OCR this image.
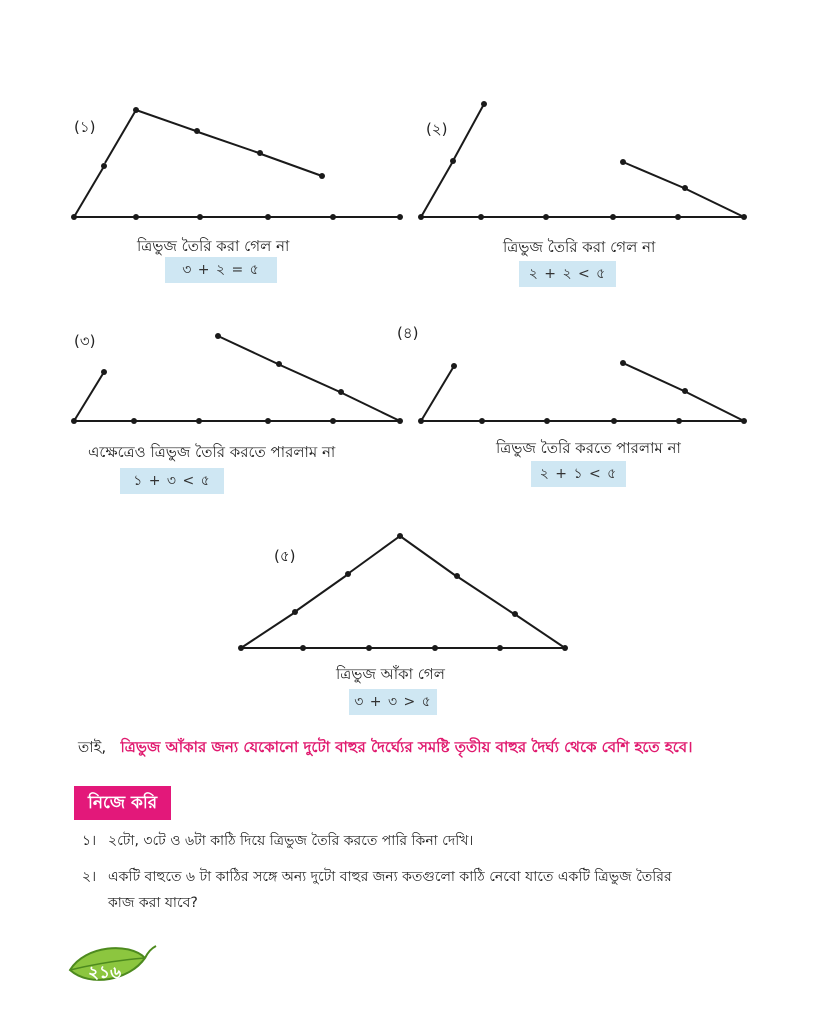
(১)	(২)
(৩)	(৪)
(৫)
ত্রিভুজ তৈরি করা গেল না	ত্রিভুজ তৈরি করা গেল না
এক্ষেত্রেও ত্রিভুজ তৈরি করতে পারলাম না	ত্রিভুজ তৈরি করতে পারলাম না
ত্রিভুজ আঁকা গেল
৩ + ২ = ৫	২ + ২ < ৫
১ + ৩ < ৫	২ + ১ < ৫
৩ + ৩ > ৫
তাই, ত্রিভুজ আঁকার জন্য যেকোনো দুটো বাহুর দৈর্ঘ্যের সমষ্টি তৃতীয় বাহুর দৈর্ঘ্য থেকে বেশি হতে হবে।
নিজে করি
১। ২টো, ৩টে ও ৬টা কাঠি দিয়ে ত্রিভুজ তৈরি করতে পারি কিনা দেখি।
২। একটি বাহুতে ৬ টা কাঠির সঙ্গে অন্য দুটো বাহুর জন্য কতগুলো কাঠি নেবো যাতে একটি ত্রিভুজ তৈরির
কাজ করা যাবে?
২১৬
